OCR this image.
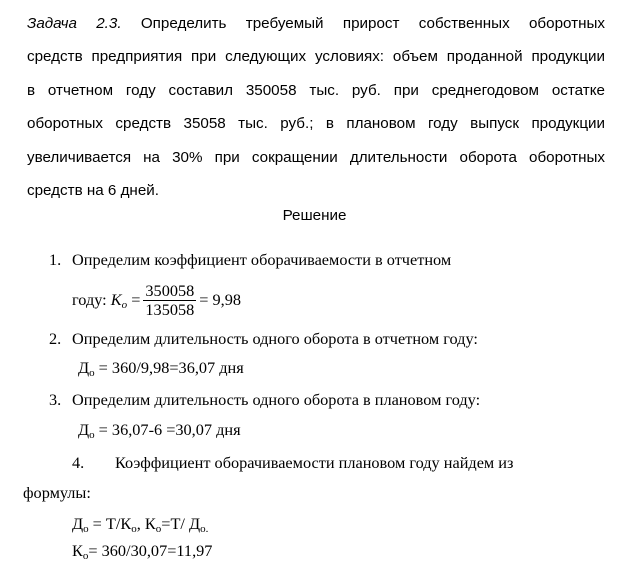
Задача 2.3. Определить требуемый прирост собственных оборотных
средств предприятия при следующих условиях: объем проданной продукции
в отчетном году составил 350058 тыс. руб. при среднегодовом остатке
оборотных средств 35058 тыс. руб.; в плановом году выпуск продукции
увеличивается на 30% при сокращении длительности оборота оборотных
средств на 6 дней.
Решение
1. Определим коэффициент оборачиваемости в отчетном
году:
$K_o$
= $\frac{350058}{135058} = 9,98$
2. Определим длительность одного оборота в отчетном году:
$Д_о = 360/9,98=36,07$ дня
3. Определим длительность одного оборота в плановом году:
$Д_о = 36,07-6 =30,07$ дня
4. Коэффициент оборачиваемости плановом году найдем из
формулы:
$Д_о = Т/К_о$, $К_о=Т/$ $Д_{о.}$
$К_о= 360/30,07=11,97$
